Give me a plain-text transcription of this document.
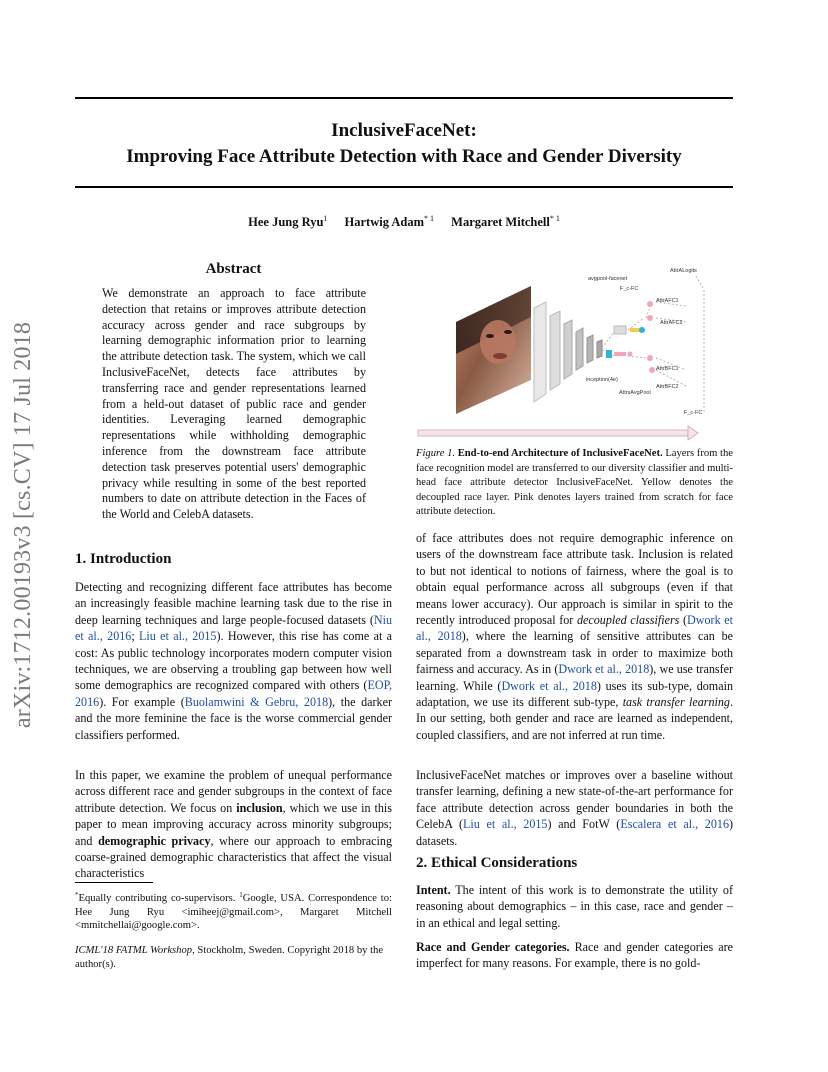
InclusiveFaceNet:
Improving Face Attribute Detection with Race and Gender Diversity
Hee Jung Ryu$^1$ Hartwig Adam$^{* 1}$ Margaret Mitchell$^{* 1}$
arXiv:1712.00193v3 [cs.CV] 17 Jul 2018
Abstract
We demonstrate an approach to face attribute detection that retains or improves attribute detection accuracy across gender and race subgroups by learning demographic information prior to learning the attribute detection task. The system, which we call InclusiveFaceNet, detects face attributes by transferring race and gender representations learned from a held-out dataset of public race and gender identities. Leveraging learned demographic representations while withholding demographic inference from the downstream face attribute detection task preserves potential users' demographic privacy while resulting in some of the best reported numbers to date on attribute detection in the Faces of the World and CelebA datasets.
1. Introduction
Detecting and recognizing different face attributes has become an increasingly feasible machine learning task due to the rise in deep learning techniques and large people-focused datasets (Niu et al., 2016; Liu et al., 2015). However, this rise has come at a cost: As public technology incorporates modern computer vision techniques, we are observing a troubling gap between how well some demographics are recognized compared with others (EOP, 2016). For example (Buolamwini & Gebru, 2018), the darker and the more feminine the face is the worse commercial gender classifiers performed.
In this paper, we examine the problem of unequal performance across different race and gender subgroups in the context of face attribute detection. We focus on inclusion, which we use in this paper to mean improving accuracy across minority subgroups; and demographic privacy, where our approach to embracing coarse-grained demographic characteristics that affect the visual characteristics
*Equally contributing co-supervisors. $^1$Google, USA. Correspondence to: Hee Jung Ryu <imiheej@gmail.com>, Margaret Mitchell <mmitchellai@google.com>.
ICML'18 FATML Workshop, Stockholm, Sweden. Copyright 2018 by the author(s).
AttrALogits
avgpool-facenet
F_c-FC
AttrAFC1
AttrAFC2
AttrBFC1
AttrBFC2
inception(4e)
AttrsAvgPool
F_c-FC
Figure 1. End-to-end Architecture of InclusiveFaceNet. Layers from the face recognition model are transferred to our diversity classifier and multi-head face attribute detector InclusiveFaceNet. Yellow denotes the decoupled race layer. Pink denotes layers trained from scratch for face attribute detection.
of face attributes does not require demographic inference on users of the downstream face attribute task. Inclusion is related to but not identical to notions of fairness, where the goal is to obtain equal performance across all subgroups (even if that means lower accuracy). Our approach is similar in spirit to the recently introduced proposal for decoupled classifiers (Dwork et al., 2018), where the learning of sensitive attributes can be separated from a downstream task in order to maximize both fairness and accuracy. As in (Dwork et al., 2018), we use transfer learning. While (Dwork et al., 2018) uses its sub-type, domain adaptation, we use its different sub-type, task transfer learning. In our setting, both gender and race are learned as independent, coupled classifiers, and are not inferred at run time.
InclusiveFaceNet matches or improves over a baseline without transfer learning, defining a new state-of-the-art performance for face attribute detection across gender boundaries in both the CelebA (Liu et al., 2015) and FotW (Escalera et al., 2016) datasets.
2. Ethical Considerations
Intent. The intent of this work is to demonstrate the utility of reasoning about demographics – in this case, race and gender – in an ethical and legal setting.
Race and Gender categories. Race and gender categories are imperfect for many reasons. For example, there is no gold-
